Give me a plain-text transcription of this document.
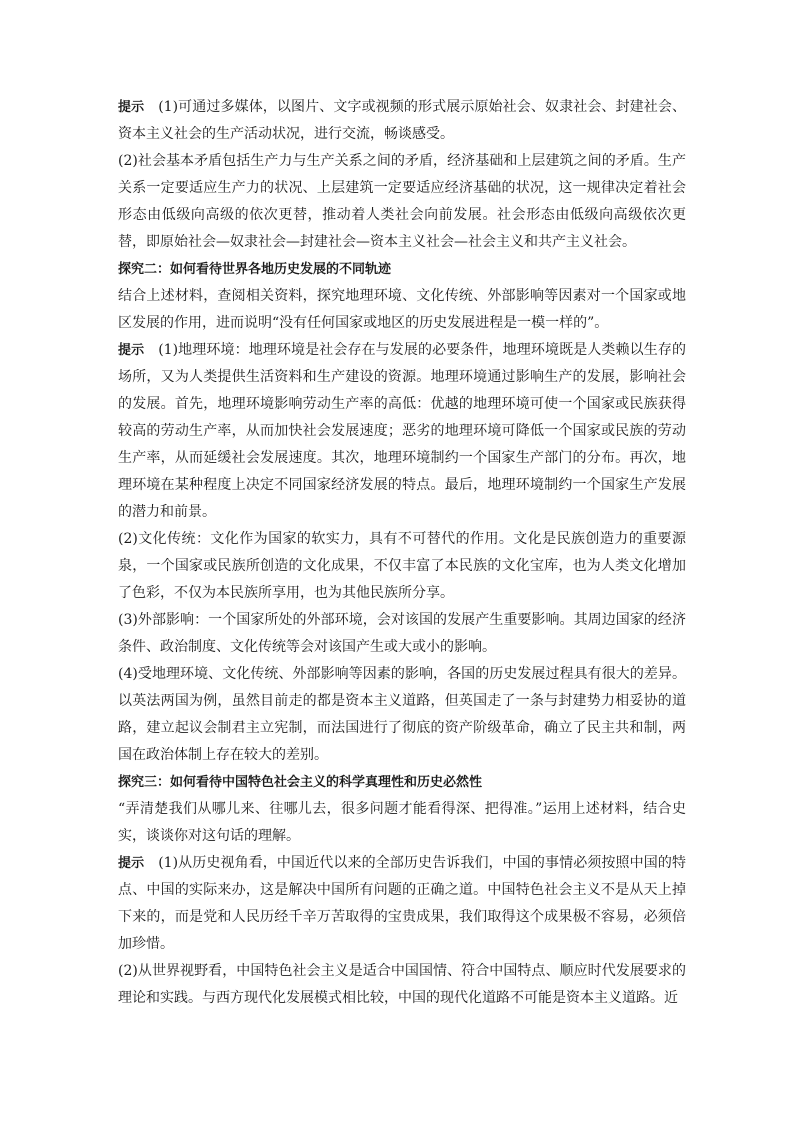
提示 (1)可通过多媒体，以图片、文字或视频的形式展示原始社会、奴隶社会、封建社会、资本主义社会的生产活动状况，进行交流，畅谈感受。

(2)社会基本矛盾包括生产力与生产关系之间的矛盾，经济基础和上层建筑之间的矛盾。生产关系一定要适应生产力的状况、上层建筑一定要适应经济基础的状况，这一规律决定着社会形态由低级向高级的依次更替，推动着人类社会向前发展。社会形态由低级向高级依次更替，即原始社会—奴隶社会—封建社会—资本主义社会—社会主义和共产主义社会。

探究二：如何看待世界各地历史发展的不同轨迹

结合上述材料，查阅相关资料，探究地理环境、文化传统、外部影响等因素对一个国家或地区发展的作用，进而说明“没有任何国家或地区的历史发展进程是一模一样的”。

提示 (1)地理环境：地理环境是社会存在与发展的必要条件，地理环境既是人类赖以生存的场所，又为人类提供生活资料和生产建设的资源。地理环境通过影响生产的发展，影响社会的发展。首先，地理环境影响劳动生产率的高低：优越的地理环境可使一个国家或民族获得较高的劳动生产率，从而加快社会发展速度；恶劣的地理环境可降低一个国家或民族的劳动生产率，从而延缓社会发展速度。其次，地理环境制约一个国家生产部门的分布。再次，地理环境在某种程度上决定不同国家经济发展的特点。最后，地理环境制约一个国家生产发展的潜力和前景。

(2)文化传统：文化作为国家的软实力，具有不可替代的作用。文化是民族创造力的重要源泉，一个国家或民族所创造的文化成果，不仅丰富了本民族的文化宝库，也为人类文化增加了色彩，不仅为本民族所享用，也为其他民族所分享。

(3)外部影响：一个国家所处的外部环境，会对该国的发展产生重要影响。其周边国家的经济条件、政治制度、文化传统等会对该国产生或大或小的影响。

(4)受地理环境、文化传统、外部影响等因素的影响，各国的历史发展过程具有很大的差异。以英法两国为例，虽然目前走的都是资本主义道路，但英国走了一条与封建势力相妥协的道路，建立起议会制君主立宪制，而法国进行了彻底的资产阶级革命，确立了民主共和制，两国在政治体制上存在较大的差别。

探究三：如何看待中国特色社会主义的科学真理性和历史必然性

“弄清楚我们从哪儿来、往哪儿去，很多问题才能看得深、把得准。”运用上述材料，结合史实，谈谈你对这句话的理解。

提示 (1)从历史视角看，中国近代以来的全部历史告诉我们，中国的事情必须按照中国的特点、中国的实际来办，这是解决中国所有问题的正确之道。中国特色社会主义不是从天上掉下来的，而是党和人民历经千辛万苦取得的宝贵成果，我们取得这个成果极不容易，必须倍加珍惜。

(2)从世界视野看，中国特色社会主义是适合中国国情、符合中国特点、顺应时代发展要求的理论和实践。与西方现代化发展模式相比较，中国的现代化道路不可能是资本主义道路。近
